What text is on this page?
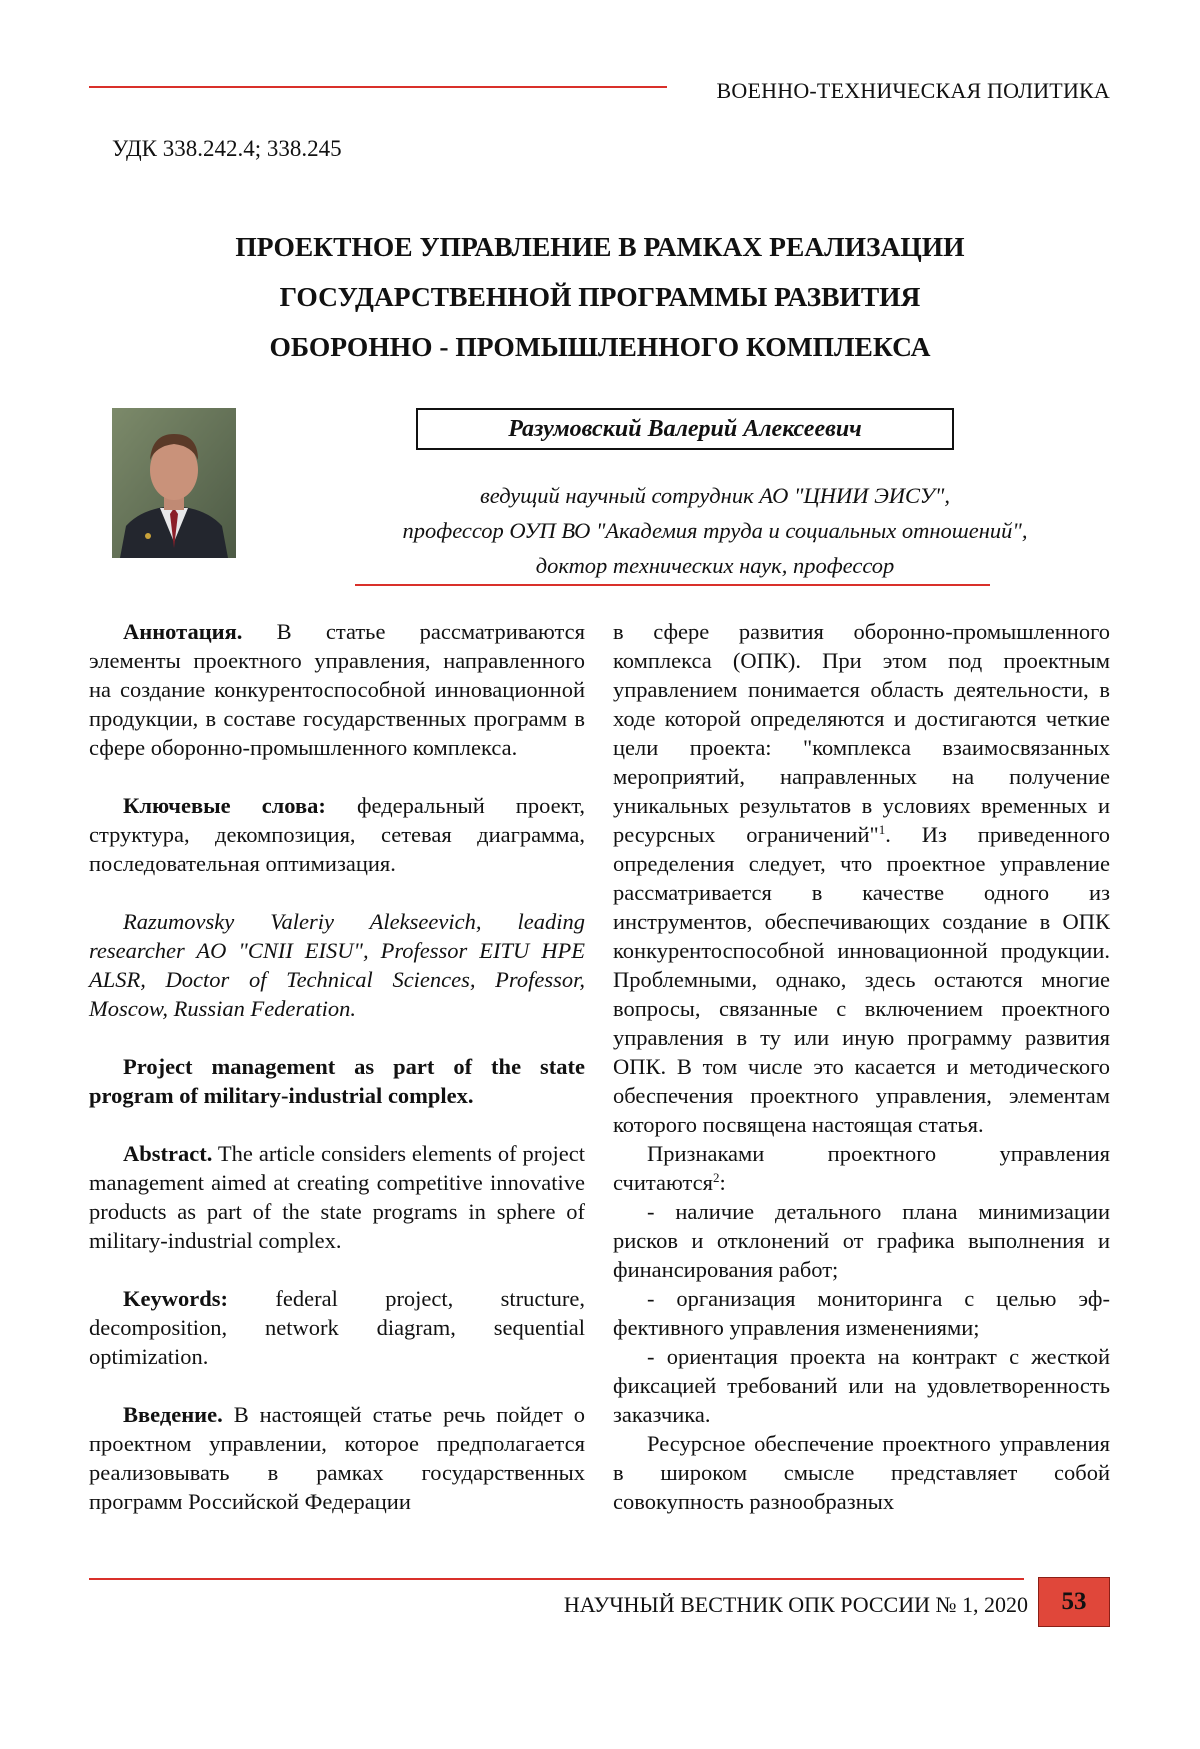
ВОЕННО-ТЕХНИЧЕСКАЯ ПОЛИТИКА
УДК 338.242.4; 338.245
ПРОЕКТНОЕ УПРАВЛЕНИЕ В РАМКАХ РЕАЛИЗАЦИИ
ГОСУДАРСТВЕННОЙ ПРОГРАММЫ РАЗВИТИЯ
ОБОРОННО - ПРОМЫШЛЕННОГО КОМПЛЕКСА
Разумовский Валерий Алексеевич
ведущий научный сотрудник АО "ЦНИИ ЭИСУ",
профессор ОУП ВО "Академия труда и социальных отношений",
доктор технических наук, профессор

Аннотация. В статье рассматриваются элементы проектного управления, направленного на создание конкурентоспособной инновационной продукции, в составе государственных программ в сфере оборонно-промышленного комплекса.

Ключевые слова: федеральный проект, структура, декомпозиция, сетевая диаграмма, последовательная оптимизация.

Razumovsky Valeriy Alekseevich, leading researcher AO "CNII EISU", Professor EITU HPE ALSR, Doctor of Technical Sciences, Professor, Moscow, Russian Federation.

Project management as part of the state program of military-industrial complex.

Abstract. The article considers elements of project management aimed at creating competitive innovative products as part of the state programs in sphere of military-industrial complex.

Keywords: federal project, structure, decomposition, network diagram, sequential optimization.

Введение. В настоящей статье речь пойдет о проектном управлении, которое предполагается реализовывать в рамках государственных программ Российской Федерации

в сфере развития оборонно-промышленного комплекса (ОПК). При этом под проектным управлением понимается область деятельности, в ходе которой определяются и достигаются четкие цели проекта: "комплекса взаимосвязанных мероприятий, направленных на получение уникальных результатов в условиях временных и ресурсных ограничений"$^1$. Из приведенного определения следует, что проектное управление рассматривается в качестве одного из инструментов, обеспечивающих создание в ОПК конкурентоспособной инновационной продукции. Проблемными, однако, здесь остаются многие вопросы, связанные с включением проектного управления в ту или иную программу развития ОПК. В том числе это касается и методического обеспечения проектного управления, элементам которого посвящена настоящая статья.

Признаками проектного управления считаются$^2$:

- наличие детального плана минимизации рисков и отклонений от графика выполнения и финансирования работ;

- организация мониторинга с целью эффективного управления изменениями;

- ориентация проекта на контракт с жесткой фиксацией требований или на удовлетворенность заказчика.

Ресурсное обеспечение проектного управления в широком смысле представляет собой совокупность разнообразных

НАУЧНЫЙ ВЕСТНИК ОПК РОССИИ № 1, 2020	53
